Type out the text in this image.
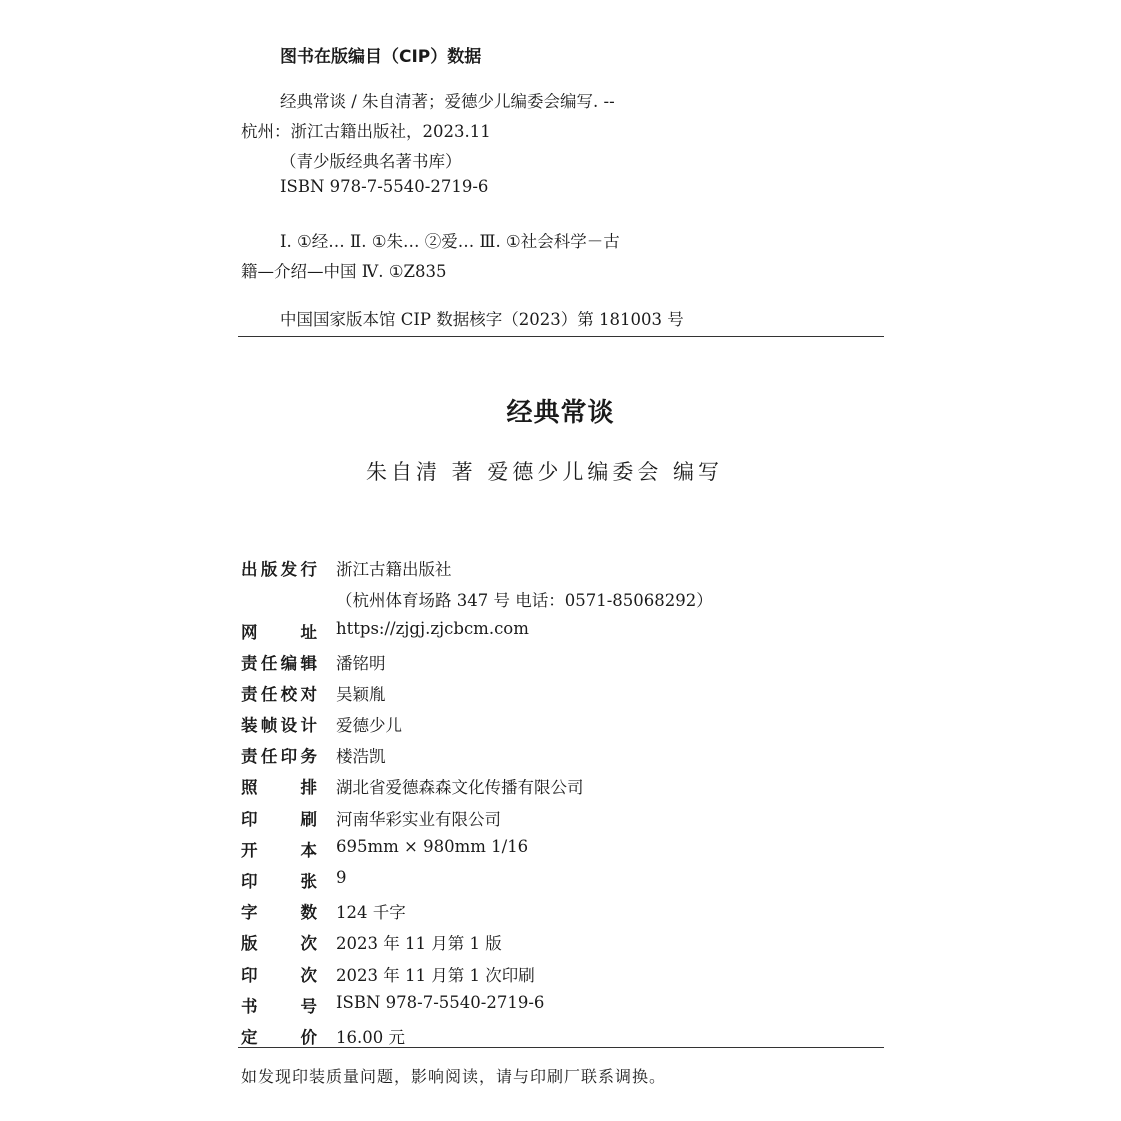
图书在版编目（CIP）数据
经典常谈 / 朱自清著；爱德少儿编委会编写. --
杭州：浙江古籍出版社，2023.11
（青少版经典名著书库）
ISBN 978-7-5540-2719-6
Ⅰ. ①经… Ⅱ. ①朱… ②爱… Ⅲ. ①社会科学－古
籍—介绍—中国 Ⅳ. ①Z835
中国国家版本馆 CIP 数据核字（2023）第 181003 号
经典常谈
朱自清 著 爱德少儿编委会 编写
出 版 发 行 浙江古籍出版社
（杭州体育场路 347 号 电话：0571-85068292）
网	址 https://zjgj.zjcbcm.com
责 任 编 辑 潘铭明
责 任 校 对 吴颖胤
装 帧 设 计 爱德少儿
责 任 印 务 楼浩凯
照	排 湖北省爱德森森文化传播有限公司
印	刷 河南华彩实业有限公司
开	本 695mm × 980mm 1/16
印	张 9
字	数 124 千字
版	次 2023 年 11 月第 1 版
印	次 2023 年 11 月第 1 次印刷
书	号 ISBN 978-7-5540-2719-6
定	价 16.00 元
如发现印装质量问题，影响阅读，请与印刷厂联系调换。
